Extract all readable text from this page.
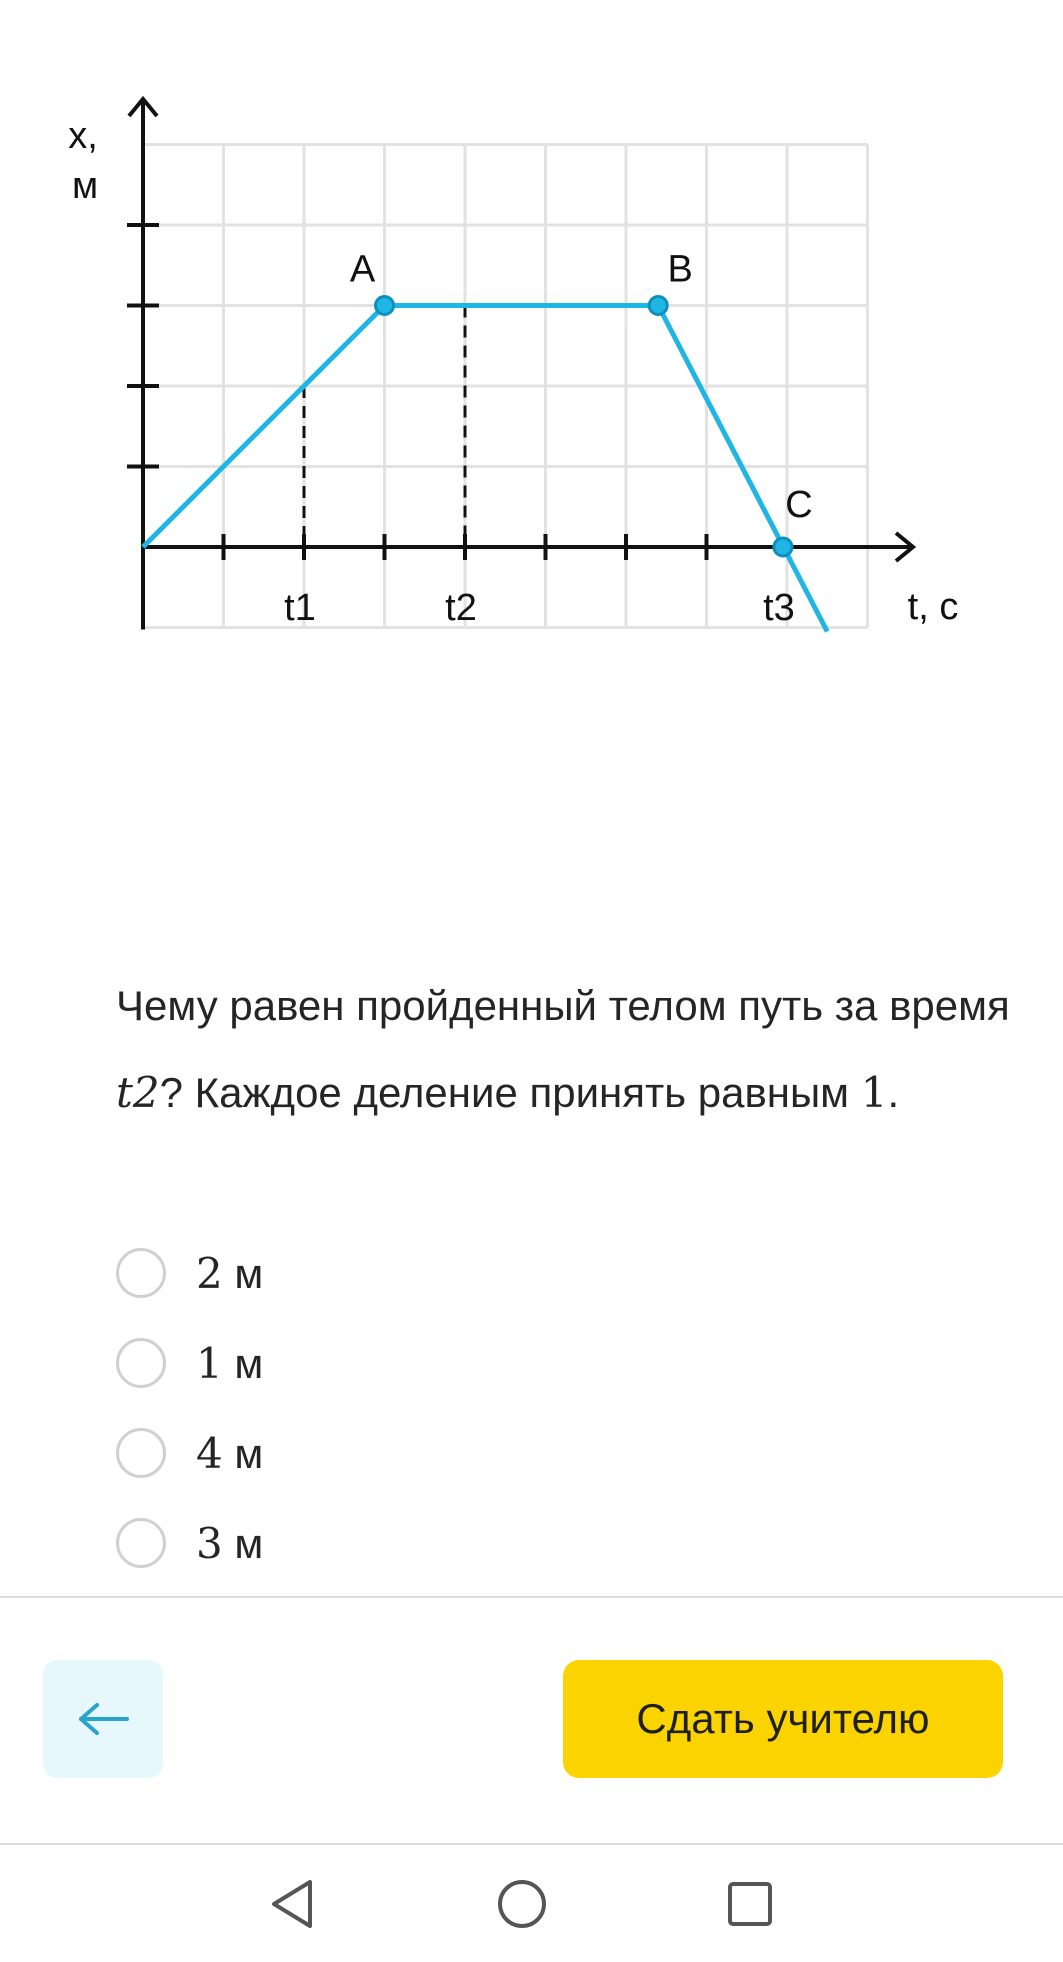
x,
м
t, с
t1	t2	t3
A	B
C
Чему равен пройденный телом путь за время t2? Каждое деление принять равным 1.
2 м
1 м
4 м
3 м
Сдать учителю
